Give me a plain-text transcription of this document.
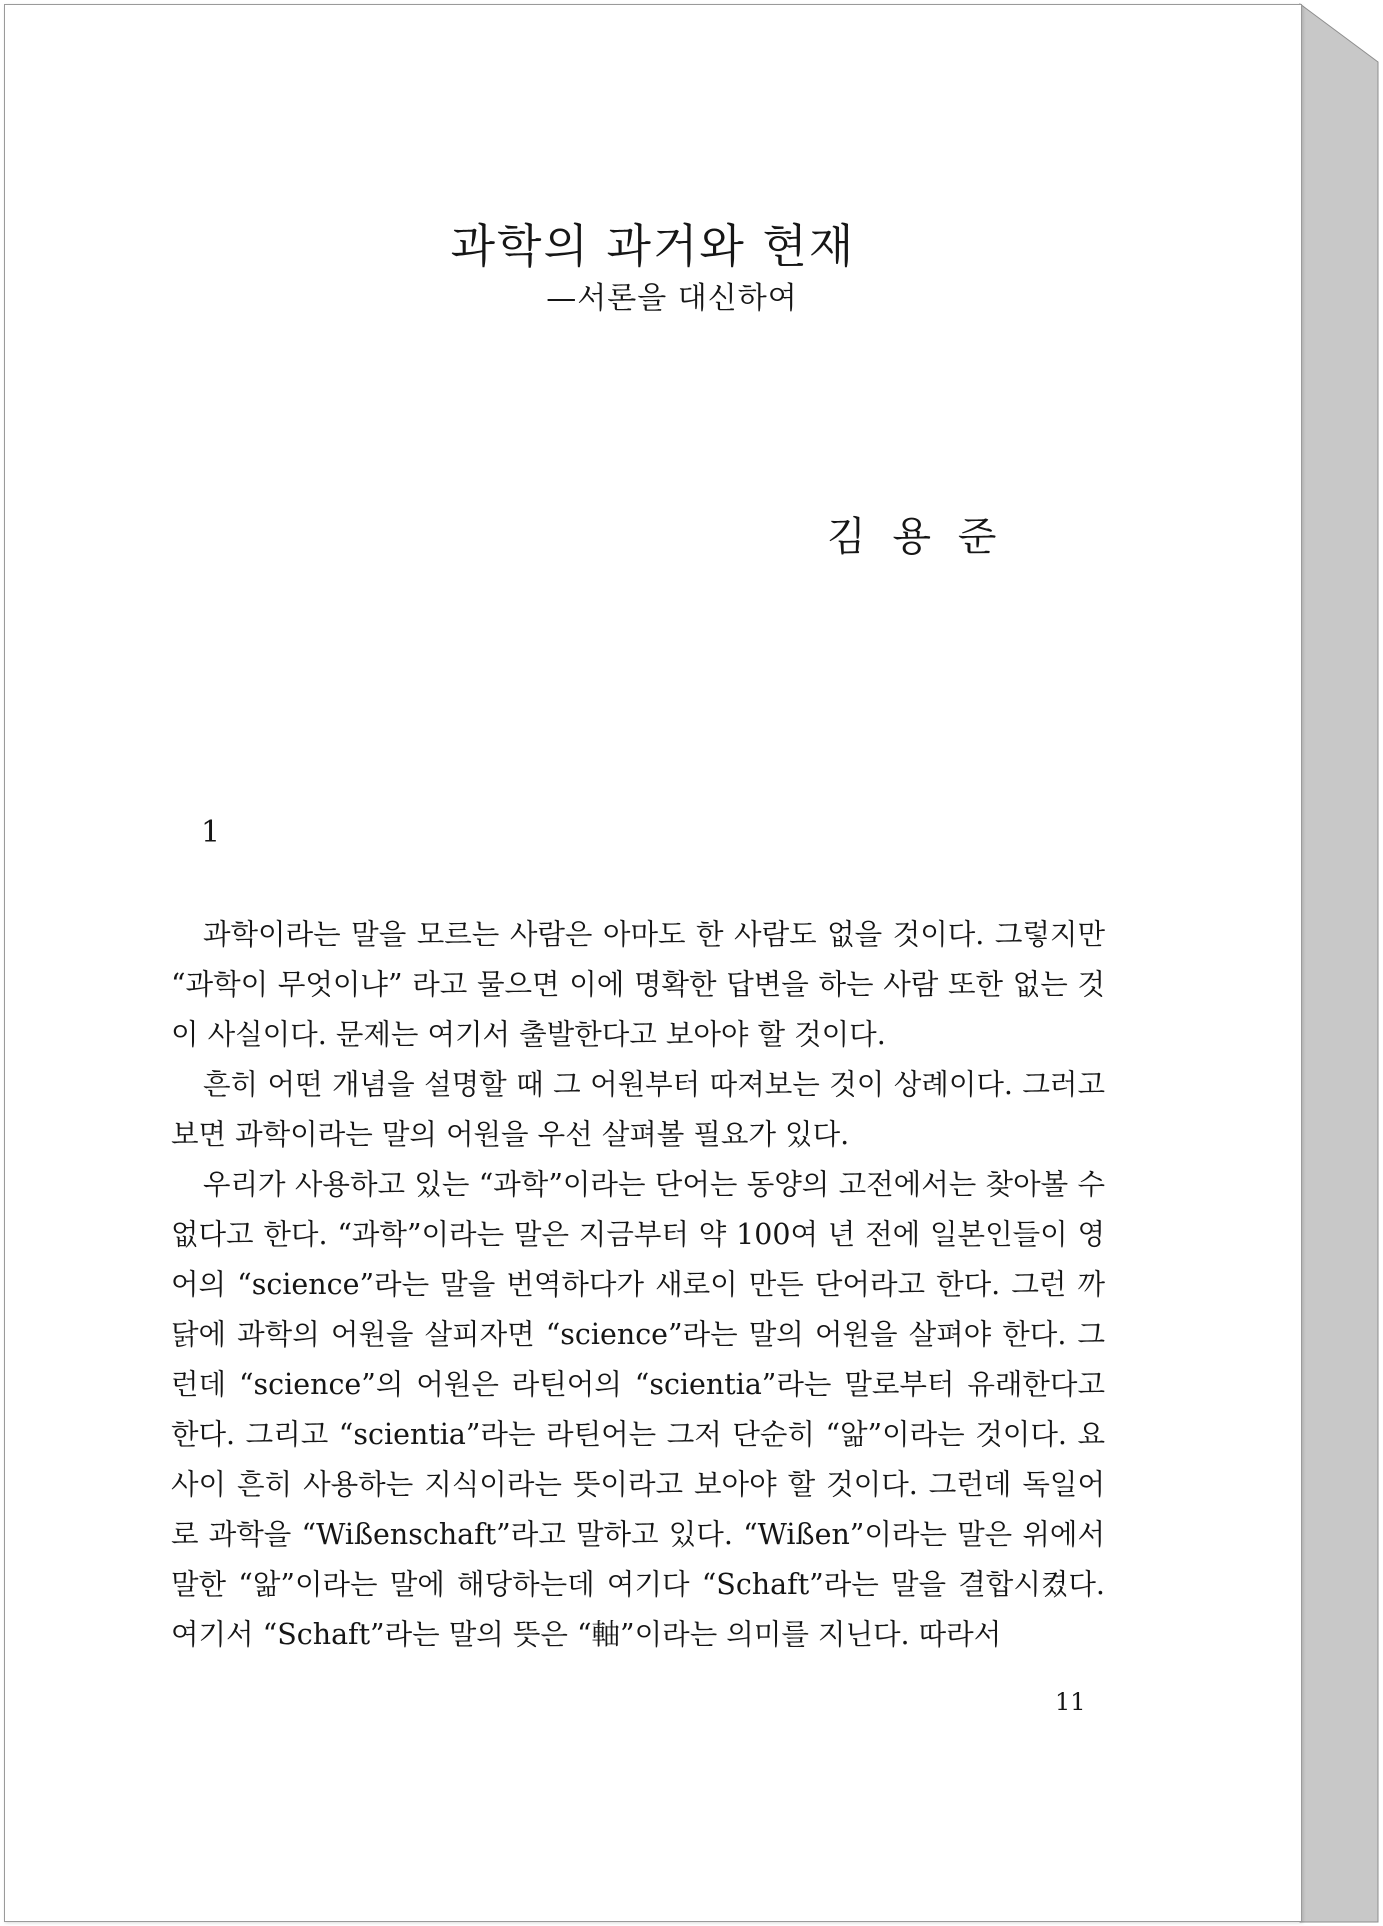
과학의 과거와 현재
—서론을 대신하여
김 용 준
1

과학이라는 말을 모르는 사람은 아마도 한 사람도 없을 것이다. 그렇지만 “과학이 무엇이냐” 라고 물으면 이에 명확한 답변을 하는 사람 또한 없는 것이 사실이다. 문제는 여기서 출발한다고 보아야 할 것이다.

흔히 어떤 개념을 설명할 때 그 어원부터 따져보는 것이 상례이다. 그러고 보면 과학이라는 말의 어원을 우선 살펴볼 필요가 있다.

우리가 사용하고 있는 “과학”이라는 단어는 동양의 고전에서는 찾아볼 수 없다고 한다. “과학”이라는 말은 지금부터 약 100여 년 전에 일본인들이 영어의 “science”라는 말을 번역하다가 새로이 만든 단어라고 한다. 그런 까닭에 과학의 어원을 살피자면 “science”라는 말의 어원을 살펴야 한다. 그런데 “science”의 어원은 라틴어의 “scientia”라는 말로부터 유래한다고 한다. 그리고 “scientia”라는 라틴어는 그저 단순히 “앎”이라는 것이다. 요사이 흔히 사용하는 지식이라는 뜻이라고 보아야 할 것이다. 그런데 독일어로 과학을 “Wißenschaft”라고 말하고 있다. “Wißen”이라는 말은 위에서 말한 “앎”이라는 말에 해당하는데 여기다 “Schaft”라는 말을 결합시켰다. 여기서 “Schaft”라는 말의 뜻은 “軸”이라는 의미를 지닌다. 따라서

11
